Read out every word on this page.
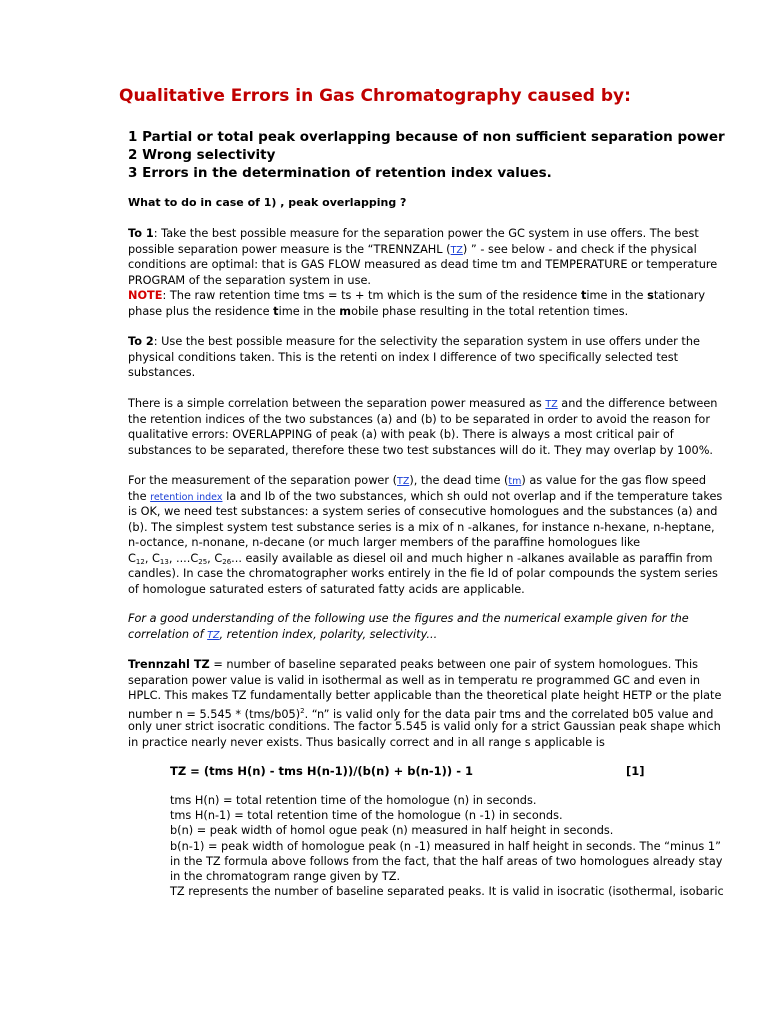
Qualitative Errors in Gas Chromatography caused by:
1 Partial or total peak overlapping because of non sufficient separation power
2 Wrong selectivity
3 Errors in the determination of retention index values.
What to do in case of 1) , peak overlapping ?
To 1: Take the best possible measure for the separation power the GC system in use offers. The best
possible separation power measure is the “TRENNZAHL (TZ) ” - see below - and check if the physical
conditions are optimal: that is GAS FLOW measured as dead time tm and TEMPERATURE or temperature
PROGRAM of the separation system in use.
NOTE: The raw retention time tms = ts + tm which is the sum of the residence time in the stationary
phase plus the residence time in the mobile phase resulting in the total retention times.
To 2: Use the best possible measure for the selectivity the separation system in use offers under the
physical conditions taken. This is the retenti on index I difference of two specifically selected test
substances.
There is a simple correlation between the separation power measured as TZ and the difference between
the retention indices of the two substances (a) and (b) to be separated in order to avoid the reason for
qualitative errors: OVERLAPPING of peak (a) with peak (b). There is always a most critical pair of
substances to be separated, therefore these two test substances will do it. They may overlap by 100%.
For the measurement of the separation power (TZ), the dead time (tm) as value for the gas flow speed
the retention index Ia and Ib of the two substances, which sh ould not overlap and if the temperature takes
is OK, we need test substances: a system series of consecutive homologues and the substances (a) and
(b). The simplest system test substance series is a mix of n -alkanes, for instance n-hexane, n-heptane,
n-octance, n-nonane, n-decane (or much larger members of the paraffine homologues like
$C_{12}$, $C_{13}$, $....C_{25}$, $C_{26}$... easily available as diesel oil and much higher n -alkanes available as paraffin from
candles). In case the chromatographer works entirely in the fie ld of polar compounds the system series
of homologue saturated esters of saturated fatty acids are applicable.
For a good understanding of the following use the figures and the numerical example given for the
correlation of TZ, retention index, polarity, selectivity...
Trennzahl TZ = number of baseline separated peaks between one pair of system homologues. This
separation power value is valid in isothermal as well as in temperatu re programmed GC and even in
HPLC. This makes TZ fundamentally better applicable than the theoretical plate height HETP or the plate
number $n = 5.545 * (tms/b05)^2$. “n” is valid only for the data pair tms and the correlated b05 value and
only uner strict isocratic conditions. The factor 5.545 is valid only for a strict Gaussian peak shape which
in practice nearly never exists. Thus basically correct and in all range s applicable is
TZ = (tms H(n) - tms H(n-1))/(b(n) + b(n-1)) - 1	[1]
tms H(n) = total retention time of the homologue (n) in seconds.
tms H(n-1) = total retention time of the homologue (n -1) in seconds.
b(n) = peak width of homol ogue peak (n) measured in half height in seconds.
b(n-1) = peak width of homologue peak (n -1) measured in half height in seconds. The “minus 1”
in the TZ formula above follows from the fact, that the half areas of two homologues already stay
in the chromatogram range given by TZ.
TZ represents the number of baseline separated peaks. It is valid in isocratic (isothermal, isobaric
